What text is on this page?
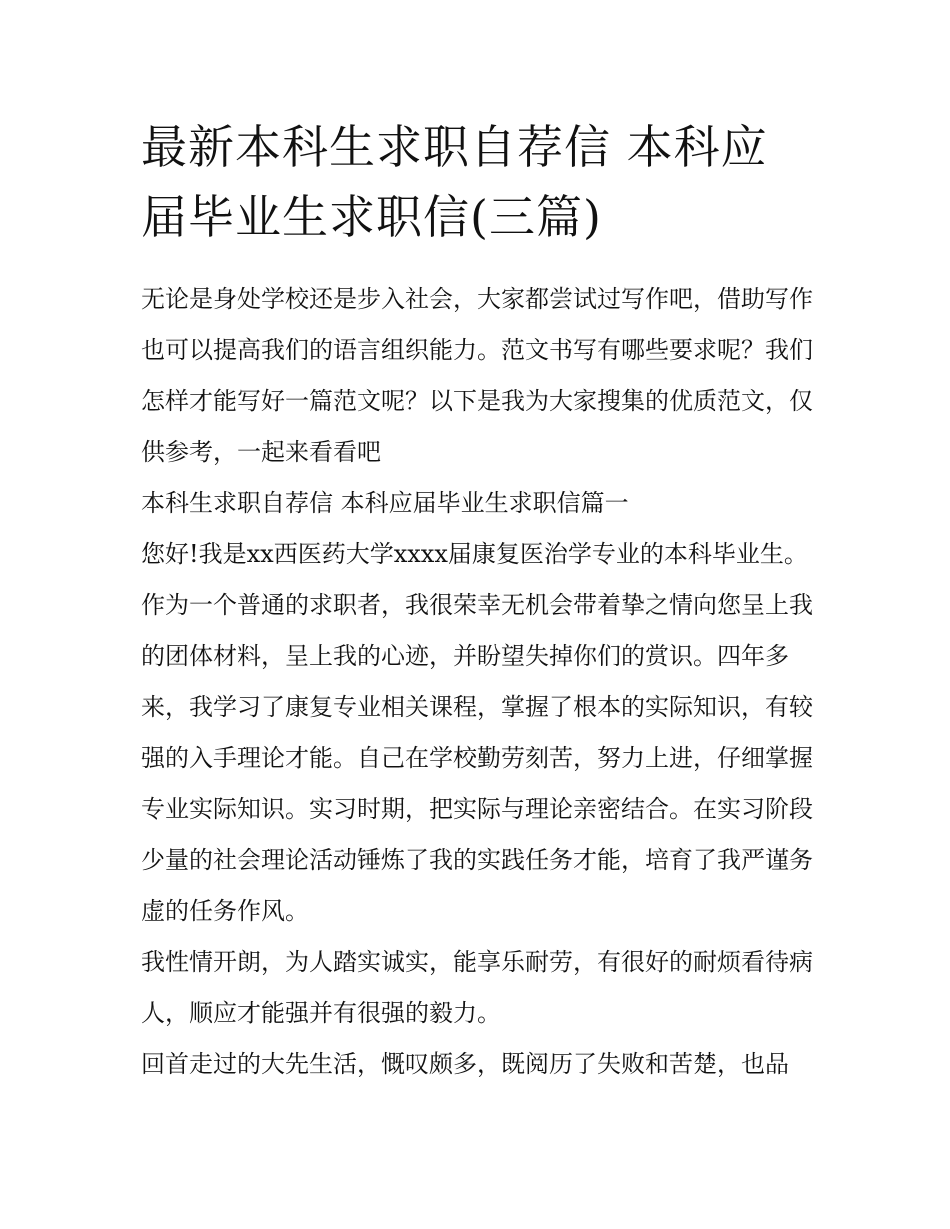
最新本科生求职自荐信 本科应届毕业生求职信(三篇)

无论是身处学校还是步入社会，大家都尝试过写作吧，借助写作也可以提高我们的语言组织能力。范文书写有哪些要求呢？我们怎样才能写好一篇范文呢？以下是我为大家搜集的优质范文，仅供参考，一起来看看吧

本科生求职自荐信 本科应届毕业生求职信篇一

您好!我是xx西医药大学xxxx届康复医治学专业的本科毕业生。作为一个普通的求职者，我很荣幸无机会带着挚之情向您呈上我的团体材料，呈上我的心迹，并盼望失掉你们的赏识。四年多来，我学习了康复专业相关课程，掌握了根本的实际知识，有较强的入手理论才能。自己在学校勤劳刻苦，努力上进，仔细掌握专业实际知识。实习时期，把实际与理论亲密结合。在实习阶段少量的社会理论活动锤炼了我的实践任务才能，培育了我严谨务虚的任务作风。

我性情开朗，为人踏实诚实，能享乐耐劳，有很好的耐烦看待病人，顺应才能强并有很强的毅力。

回首走过的大先生活，慨叹颇多，既阅历了失败和苦楚，也品
